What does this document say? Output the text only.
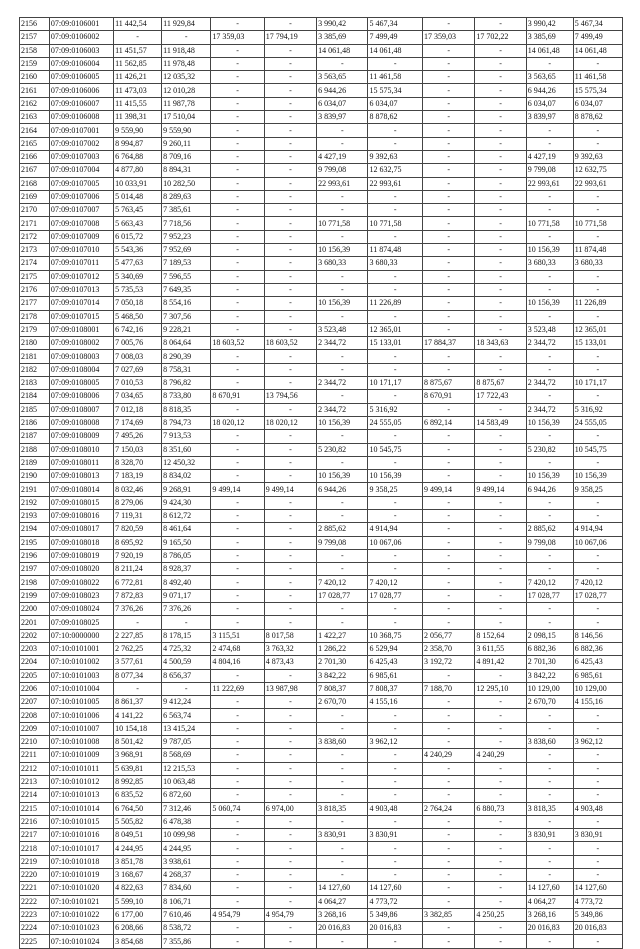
2156	07:09:0106001	11 442,54	11 929,84	-	-	3 990,42	5 467,34	-	-	3 990,42	5 467,34
2157	07:09:0106002	-	-	17 359,03	17 794,19	3 385,69	7 499,49	17 359,03	17 702,22	3 385,69	7 499,49
2158	07:09:0106003	11 451,57	11 918,48	-	-	14 061,48	14 061,48	-	-	14 061,48	14 061,48
2159	07:09:0106004	11 562,85	11 978,48	-	-	-	-	-	-	-	-
2160	07:09:0106005	11 426,21	12 035,32	-	-	3 563,65	11 461,58	-	-	3 563,65	11 461,58
2161	07:09:0106006	11 473,03	12 010,28	-	-	6 944,26	15 575,34	-	-	6 944,26	15 575,34
2162	07:09:0106007	11 415,55	11 987,78	-	-	6 034,07	6 034,07	-	-	6 034,07	6 034,07
2163	07:09:0106008	11 398,31	17 510,04	-	-	3 839,97	8 878,62	-	-	3 839,97	8 878,62
2164	07:09:0107001	9 559,90	9 559,90	-	-	-	-	-	-	-	-
2165	07:09:0107002	8 994,87	9 260,11	-	-	-	-	-	-	-	-
2166	07:09:0107003	6 764,88	8 709,16	-	-	4 427,19	9 392,63	-	-	4 427,19	9 392,63
2167	07:09:0107004	4 877,80	8 894,31	-	-	9 799,08	12 632,75	-	-	9 799,08	12 632,75
2168	07:09:0107005	10 033,91	10 282,50	-	-	22 993,61	22 993,61	-	-	22 993,61	22 993,61
2169	07:09:0107006	5 014,48	8 289,63	-	-	-	-	-	-	-	-
2170	07:09:0107007	5 763,45	7 385,61	-	-	-	-	-	-	-	-
2171	07:09:0107008	5 663,43	7 718,56	-	-	10 771,58	10 771,58	-	-	10 771,58	10 771,58
2172	07:09:0107009	6 015,72	7 952,23	-	-	-	-	-	-	-	-
2173	07:09:0107010	5 543,36	7 952,69	-	-	10 156,39	11 874,48	-	-	10 156,39	11 874,48
2174	07:09:0107011	5 477,63	7 189,53	-	-	3 680,33	3 680,33	-	-	3 680,33	3 680,33
2175	07:09:0107012	5 340,69	7 596,55	-	-	-	-	-	-	-	-
2176	07:09:0107013	5 735,53	7 649,35	-	-	-	-	-	-	-	-
2177	07:09:0107014	7 050,18	8 554,16	-	-	10 156,39	11 226,89	-	-	10 156,39	11 226,89
2178	07:09:0107015	5 468,50	7 307,56	-	-	-	-	-	-	-	-
2179	07:09:0108001	6 742,16	9 228,21	-	-	3 523,48	12 365,01	-	-	3 523,48	12 365,01
2180	07:09:0108002	7 005,76	8 064,64	18 603,52	18 603,52	2 344,72	15 133,01	17 884,37	18 343,63	2 344,72	15 133,01
2181	07:09:0108003	7 008,03	8 290,39	-	-	-	-	-	-	-	-
2182	07:09:0108004	7 027,69	8 758,31	-	-	-	-	-	-	-	-
2183	07:09:0108005	7 010,53	8 796,82	-	-	2 344,72	10 171,17	8 875,67	8 875,67	2 344,72	10 171,17
2184	07:09:0108006	7 034,65	8 733,80	8 670,91	13 794,56	-	-	8 670,91	17 722,43	-	-
2185	07:09:0108007	7 012,18	8 818,35	-	-	2 344,72	5 316,92	-	-	2 344,72	5 316,92
2186	07:09:0108008	7 174,69	8 794,73	18 020,12	18 020,12	10 156,39	24 555,05	6 892,14	14 583,49	10 156,39	24 555,05
2187	07:09:0108009	7 495,26	7 913,53	-	-	-	-	-	-	-	-
2188	07:09:0108010	7 150,03	8 351,60	-	-	5 230,82	10 545,75	-	-	5 230,82	10 545,75
2189	07:09:0108011	8 328,70	12 450,32	-	-	-	-	-	-	-	-
2190	07:09:0108013	7 183,19	8 834,02	-	-	10 156,39	10 156,39	-	-	10 156,39	10 156,39
2191	07:09:0108014	8 032,46	9 268,91	9 499,14	9 499,14	6 944,26	9 358,25	9 499,14	9 499,14	6 944,26	9 358,25
2192	07:09:0108015	8 279,06	9 424,30	-	-	-	-	-	-	-	-
2193	07:09:0108016	7 119,31	8 612,72	-	-	-	-	-	-	-	-
2194	07:09:0108017	7 820,59	8 461,64	-	-	2 885,62	4 914,94	-	-	2 885,62	4 914,94
2195	07:09:0108018	8 695,92	9 165,50	-	-	9 799,08	10 067,06	-	-	9 799,08	10 067,06
2196	07:09:0108019	7 920,19	8 786,05	-	-	-	-	-	-	-	-
2197	07:09:0108020	8 211,24	8 928,37	-	-	-	-	-	-	-	-
2198	07:09:0108022	6 772,81	8 492,40	-	-	7 420,12	7 420,12	-	-	7 420,12	7 420,12
2199	07:09:0108023	7 872,83	9 071,17	-	-	17 028,77	17 028,77	-	-	17 028,77	17 028,77
2200	07:09:0108024	7 376,26	7 376,26	-	-	-	-	-	-	-	-
2201	07:09:0108025	-	-	-	-	-	-	-	-	-	-
2202	07:10:0000000	2 227,85	8 178,15	3 115,51	8 017,58	1 422,27	10 368,75	2 056,77	8 152,64	2 098,15	8 146,56
2203	07:10:0101001	2 762,25	4 725,32	2 474,68	3 763,32	1 286,22	6 529,94	2 358,70	3 611,55	6 882,36	6 882,36
2204	07:10:0101002	3 577,61	4 500,59	4 804,16	4 873,43	2 701,30	6 425,43	3 192,72	4 891,42	2 701,30	6 425,43
2205	07:10:0101003	8 077,34	8 656,37	-	-	3 842,22	6 985,61	-	-	3 842,22	6 985,61
2206	07:10:0101004	-	-	11 222,69	13 987,98	7 808,37	7 808,37	7 188,70	12 295,10	10 129,00	10 129,00
2207	07:10:0101005	8 861,37	9 412,24	-	-	2 670,70	4 155,16	-	-	2 670,70	4 155,16
2208	07:10:0101006	4 141,22	6 563,74	-	-	-	-	-	-	-	-
2209	07:10:0101007	10 154,18	13 415,24	-	-	-	-	-	-	-	-
2210	07:10:0101008	8 501,42	9 787,05	-	-	3 838,60	3 962,12	-	-	3 838,60	3 962,12
2211	07:10:0101009	3 968,91	8 568,69	-	-	-	-	4 240,29	4 240,29	-	-
2212	07:10:0101011	5 639,81	12 215,53	-	-	-	-	-	-	-	-
2213	07:10:0101012	8 992,85	10 063,48	-	-	-	-	-	-	-	-
2214	07:10:0101013	6 835,52	6 872,60	-	-	-	-	-	-	-	-
2215	07:10:0101014	6 764,50	7 312,46	5 060,74	6 974,00	3 818,35	4 903,48	2 764,24	6 880,73	3 818,35	4 903,48
2216	07:10:0101015	5 505,82	6 478,38	-	-	-	-	-	-	-	-
2217	07:10:0101016	8 049,51	10 099,98	-	-	3 830,91	3 830,91	-	-	3 830,91	3 830,91
2218	07:10:0101017	4 244,95	4 244,95	-	-	-	-	-	-	-	-
2219	07:10:0101018	3 851,78	3 938,61	-	-	-	-	-	-	-	-
2220	07:10:0101019	3 168,67	4 268,37	-	-	-	-	-	-	-	-
2221	07:10:0101020	4 822,63	7 834,60	-	-	14 127,60	14 127,60	-	-	14 127,60	14 127,60
2222	07:10:0101021	5 599,10	8 106,71	-	-	4 064,27	4 773,72	-	-	4 064,27	4 773,72
2223	07:10:0101022	6 177,00	7 610,46	4 954,79	4 954,79	3 268,16	5 349,86	3 382,85	4 250,25	3 268,16	5 349,86
2224	07:10:0101023	6 208,66	8 538,72	-	-	20 016,83	20 016,83	-	-	20 016,83	20 016,83
2225	07:10:0101024	3 854,68	7 355,86	-	-	-	-	-	-	-	-
